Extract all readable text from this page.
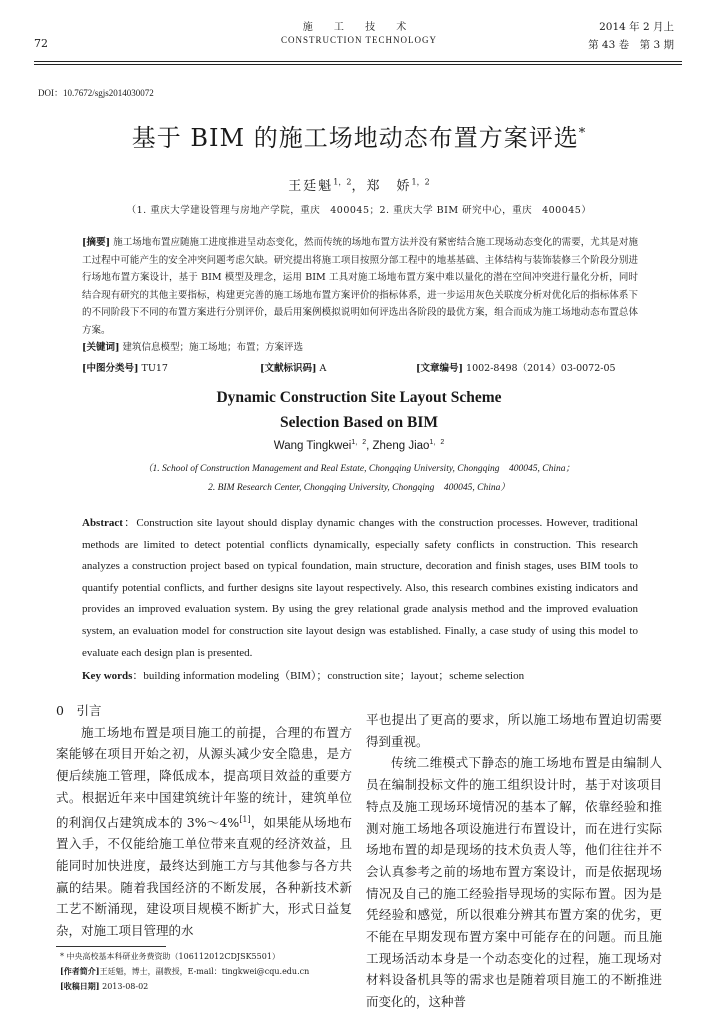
72
施 工 技 术
CONSTRUCTION TECHNOLOGY
2014 年 2 月上
第 43 卷　第 3 期
DOI：10.7672/sgjs2014030072
基于 BIM 的施工场地动态布置方案评选*
王廷魁$^{1,2}$，郑　娇$^{1,2}$
（1. 重庆大学建设管理与房地产学院，重庆　400045；2. 重庆大学 BIM 研究中心，重庆　400045）
[摘要] 施工场地布置应随施工进度推进呈动态变化，然而传统的场地布置方法并没有紧密结合施工现场动态变化的需要，尤其是对施工过程中可能产生的安全冲突问题考虑欠缺。研究提出将施工项目按照分部工程中的地基基础、主体结构与装饰装修三个阶段分别进行场地布置方案设计，基于 BIM 模型及理念，运用 BIM 工具对施工场地布置方案中难以量化的潜在空间冲突进行量化分析，同时结合现有研究的其他主要指标，构建更完善的施工场地布置方案评价的指标体系，进一步运用灰色关联度分析对优化后的指标体系下的不同阶段下不同的布置方案进行分别评价，最后用案例模拟说明如何评选出各阶段的最优方案，组合而成为施工场地动态布置总体方案。
[关键词] 建筑信息模型；施工场地；布置；方案评选
[中图分类号] TU17	[文献标识码] A	[文章编号] 1002-8498（2014）03-0072-05
Dynamic Construction Site Layout Scheme
Selection Based on BIM
Wang Tingkwei$^{1,2}$, Zheng Jiao$^{1,2}$
（1. School of Construction Management and Real Estate, Chongqing University, Chongqing　400045, China；
2. BIM Research Center, Chongqing University, Chongqing　400045, China）
Abstract：Construction site layout should display dynamic changes with the construction processes. However, traditional methods are limited to detect potential conflicts dynamically, especially safety conflicts in construction. This research analyzes a construction project based on typical foundation, main structure, decoration and finish stages, uses BIM tools to quantify potential conflicts, and further designs site layout respectively. Also, this research combines existing indicators and provides an improved evaluation system. By using the grey relational grade analysis method and the improved evaluation system, an evaluation model for construction site layout design was established. Finally, a case study of using this model to evaluate each design plan is presented.
Key words：building information modeling（BIM）；construction site；layout；scheme selection
0　引言
施工场地布置是项目施工的前提，合理的布置方案能够在项目开始之初，从源头减少安全隐患，是方便后续施工管理，降低成本，提高项目效益的重要方式。根据近年来中国建筑统计年鉴的统计，建筑单位的利润仅占建筑成本的 3%～4%[1]，如果能从场地布置入手，不仅能给施工单位带来直观的经济效益，且能同时加快进度，最终达到施工方与其他参与各方共赢的结果。随着我国经济的不断发展，各种新技术新工艺不断涌现，建设项目规模不断扩大，形式日益复杂，对施工项目管理的水
平也提出了更高的要求，所以施工场地布置迫切需要得到重视。
传统二维模式下静态的施工场地布置是由编制人员在编制投标文件的施工组织设计时，基于对该项目特点及施工现场环境情况的基本了解，依靠经验和推测对施工场地各项设施进行布置设计，而在进行实际场地布置的却是现场的技术负责人等，他们往往并不会认真参考之前的场地布置方案设计，而是依据现场情况及自己的施工经验指导现场的实际布置。因为是凭经验和感觉，所以很难分辨其布置方案的优劣，更不能在早期发现布置方案中可能存在的问题。而且施工现场活动本身是一个动态变化的过程，施工现场对材料设备机具等的需求也是随着项目施工的不断推进而变化的，这种普
* 中央高校基本科研业务费资助（106112012CDJSK5501）
[作者简介]王廷魁，博士，副教授，E-mail：tingkwei@cqu.edu.cn
[收稿日期] 2013-08-02
